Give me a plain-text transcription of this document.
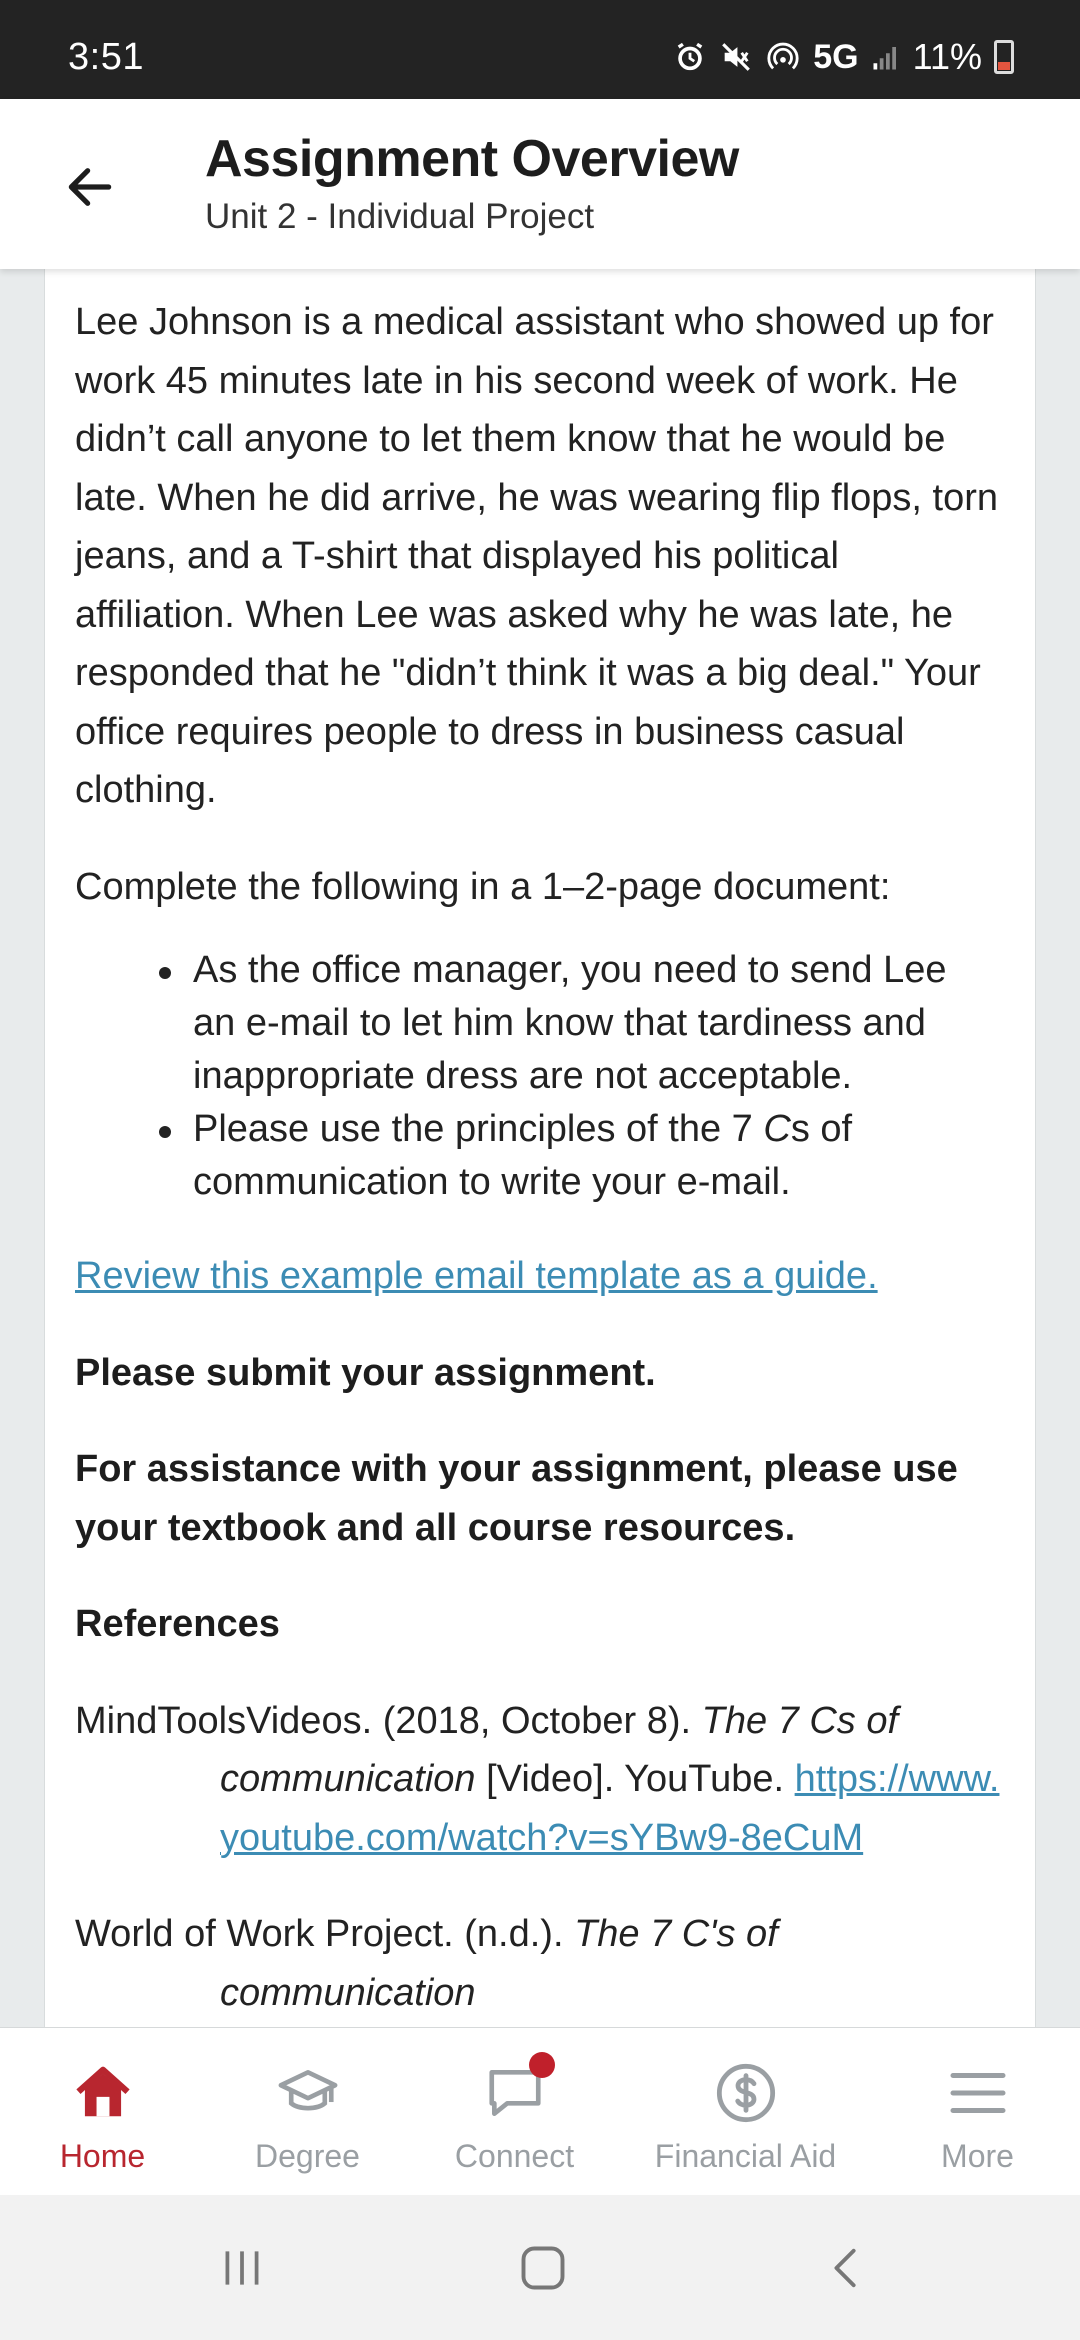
3:51	5G 11%
Assignment Overview
Unit 2 - Individual Project

Lee Johnson is a medical assistant who showed up for work 45 minutes late in his second week of work. He didn’t call anyone to let them know that he would be late. When he did arrive, he was wearing flip flops, torn jeans, and a T-shirt that displayed his political affiliation. When Lee was asked why he was late, he responded that he "didn’t think it was a big deal." Your office requires people to dress in business casual clothing.

Complete the following in a 1–2-page document:

As the office manager, you need to send Lee an e-mail to let him know that tardiness and inappropriate dress are not acceptable.
Please use the principles of the 7 Cs of communication to write your e-mail.

Review this example email template as a guide.

Please submit your assignment.

For assistance with your assignment, please use your textbook and all course resources.

References

MindToolsVideos. (2018, October 8). The 7 Cs of communication [Video]. YouTube. https://www.youtube.com/watch?v=sYBw9-8eCuM

World of Work Project. (n.d.). The 7 C's of communication

Home	Degree	Connect	Financial Aid	More
